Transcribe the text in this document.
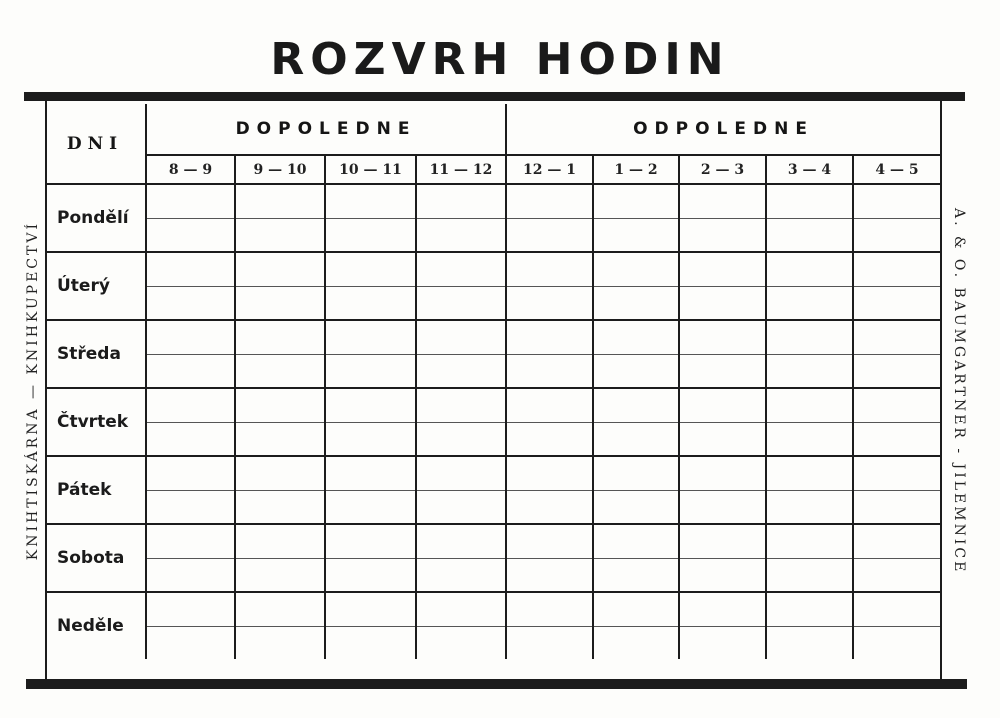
ROZVRH HODIN
KNIHTISKÁRNA — KNIHKUPECTVÍ	A. & O. BAUMGARTNER - JILEMNICE
DNI	DOPOLEDNE				ODPOLEDNE				
	8 — 9	9 — 10	10 — 11	11 — 12	12 — 1	1 — 2	2 — 3	3 — 4	4 — 5
Pondělí									
Úterý									
Středa									
Čtvrtek									
Pátek									
Sobota									
Neděle									
